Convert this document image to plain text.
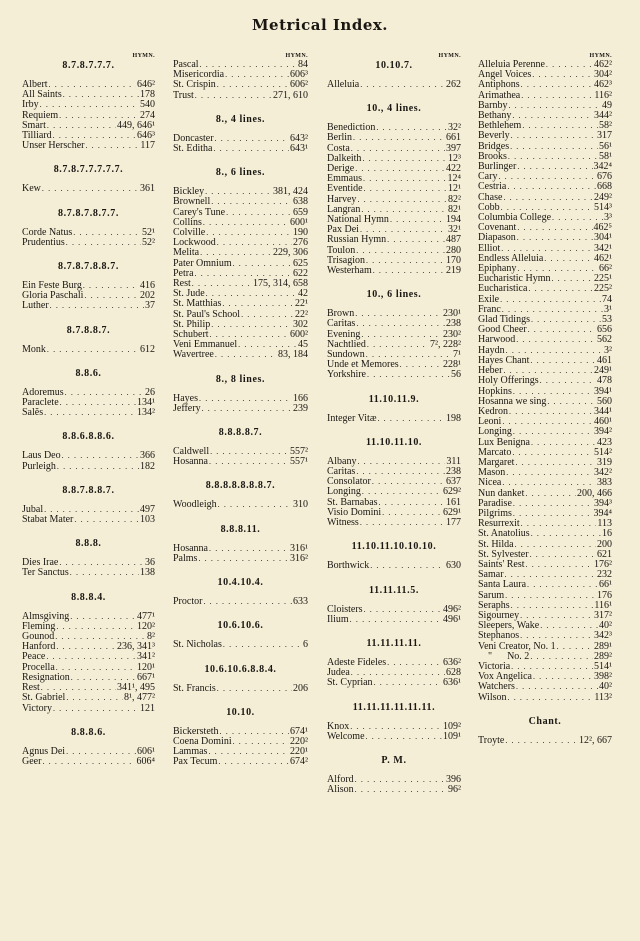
Metrical Index.
HYMN.
8.7.8.7.7.7.
Albert . . .	646²
All Saints . . .	178
Irby . . .	540
Requiem . . .	274
Smart . . .	449, 646¹
Tilliard . . .	646³
Unser Herscher . . .	117
8.7.8.7.7.7.7.7.
Kew . . .	361
8.7.8.7.8.7.7.
Corde Natus . . .	52¹
Prudentius . . .	52²
8.7.8.7.8.8.7.
Ein Feste Burg . . .	416
Gloria Paschali . . .	202
Luther . . .	37
8.7.8.8.7.
Monk . . .	612
8.8.6.
Adoremus . . .	26
Paraclete . . .	134¹
Salĕs . . .	134²
8.8.6.8.8.6.
Laus Deo . . .	366
Purleigh . . .	182
8.8.7.8.8.7.
Jubal . . .	497
Stabat Mater . . .	103
8.8.8.
Dies Irae . . .	36
Ter Sanctus . . .	138
8.8.8.4.
Almsgiving . . .	477¹
Fleming . . .	120²
Gounod . . .	8²
Hanford . . .	236, 341³
Peace . . .	341²
Procella . . .	120¹
Resignation . . .	667¹
Rest . . .	341¹, 495
St. Gabriel . . .	8¹, 477²
Victory . . .	121
8.8.8.6.
Agnus Dei . . .	606¹
Geer . . .	606⁴
HYMN.
Pascal . . .	84
Misericordia . . .	606³
St. Crispin . . .	606²
Trust . . .	271, 610
8., 4 lines.
Doncaster . . .	643²
St. Editha . . .	643¹
8., 6 lines.
Bickley . . .	381, 424
Brownell . . .	638
Carey's Tune . . .	659
Collins . . .	600¹
Colville . . .	190
Lockwood . . .	276
Melita . . .	229, 306
Pater Omnium . . .	625
Petra . . .	622
Rest . . .	175, 314, 658
St. Jude . . .	42
St. Matthias . . .	22¹
St. Paul's School . . .	22²
St. Philip . . .	302
Schubert . . .	600²
Veni Emmanuel . . .	45
Wavertree . . .	83, 184
8., 8 lines.
Hayes . . .	166
Jeffery . . .	239
8.8.8.8.7.
Caldwell . . .	557²
Hosanna . . .	557¹
8.8.8.8.8.8.8.7.
Woodleigh . . .	310
8.8.8.11.
Hosanna . . .	316¹
Palms . . .	316²
10.4.10.4.
Proctor . . .	633
10.6.10.6.
St. Nicholas . . .	6
10.6.10.6.8.8.4.
St. Francis . . .	206
10.10.
Bickersteth . . .	674¹
Coena Domini . . .	220²
Lammas . . .	220¹
Pax Tecum . . .	674²
HYMN.
10.10.7.
Alleluia . . .	262
10., 4 lines.
Benediction . . .	32²
Berlin . . .	661
Costa . . .	397
Dalkeith . . .	12³
Derige . . .	422
Emmaus . . .	12⁴
Eventide . . .	12¹
Harvey . . .	82²
Langran . . .	82¹
National Hymn . . .	194
Pax Dei . . .	32¹
Russian Hymn . . .	487
Toulon . . .	280
Trisagion . . .	170
Westerham . . .	219
10., 6 lines.
Brown . . .	230¹
Caritas . . .	238
Evening . . .	230²
Nachtlied . . .	7², 228²
Sundown . . .	7¹
Unde et Memores . . .	228¹
Yorkshire . . .	56
11.10.11.9.
Integer Vitæ . . .	198
11.10.11.10.
Albany . . .	311
Caritas . . .	238
Consolator . . .	637
Longing . . .	629²
St. Barnabas . . .	161
Visio Domini . . .	629¹
Witness . . .	177
11.10.11.10.10.10.
Borthwick . . .	630
11.11.11.5.
Cloisters . . .	496²
Ilium . . .	496¹
11.11.11.11.
Adeste Fideles . . .	636²
Judea . . .	628
St. Cyprian . . .	636¹
11.11.11.11.11.11.
Knox . . .	109²
Welcome . . .	109¹
P. M.
Alford . . .	396
Alison . . .	96²
HYMN.
Alleluia Perenne . . .	462²
Angel Voices . . .	304²
Antiphons . . .	462³
Arimathea . . .	116²
Barnby . . .	49
Bethany . . .	344²
Bethlehem . . .	58²
Beverly . . .	317
Bridges . . .	56¹
Brooks . . .	58¹
Burlinger . . .	342⁴
Cary . . .	676
Cestria . . .	668
Chase . . .	249²
Cobb . . .	514³
Columbia College . . .	3³
Covenant . . .	462⁵
Diapason . . .	304¹
Elliot . . .	342¹
Endless Alleluia . . .	462¹
Epiphany . . .	66²
Eucharistic Hymn . . .	225¹
Eucharistica . . .	225²
Exile . . .	74
Franc . . .	3¹
Glad Tidings . . .	53
Good Cheer . . .	656
Harwood . . .	562
Haydn . . .	3²
Hayes Chant . . .	461
Heber . . .	249¹
Holy Offerings . . .	478
Hopkins . . .	394¹
Hosanna we sing . . .	560
Kedron . . .	344¹
Leoni . . .	460¹
Longing . . .	394²
Lux Benigna . . .	423
Marcato . . .	514²
Margaret . . .	319
Mason . . .	342²
Nicea . . .	383
Nun danket . . .	200, 466
Paradise . . .	394³
Pilgrims . . .	394⁴
Resurrexit . . .	113
St. Anatolius . . .	16
St. Hilda . . .	200
St. Sylvester . . .	621
Saints' Rest . . .	176²
Samar . . .	232
Santa Laura . . .	66¹
Sarum . . .	176
Seraphs . . .	116¹
Sigourney . . .	317²
Sleepers, Wake . . .	40²
Stephanos . . .	342³
Veni Creator, No. 1 . . .	289¹
"      No. 2 . . .	289²
Victoria . . .	514¹
Vox Angelica . . .	398²
Watchers . . .	40²
Wilson . . .	113²
Chant.
Troyte . . .	12², 667
